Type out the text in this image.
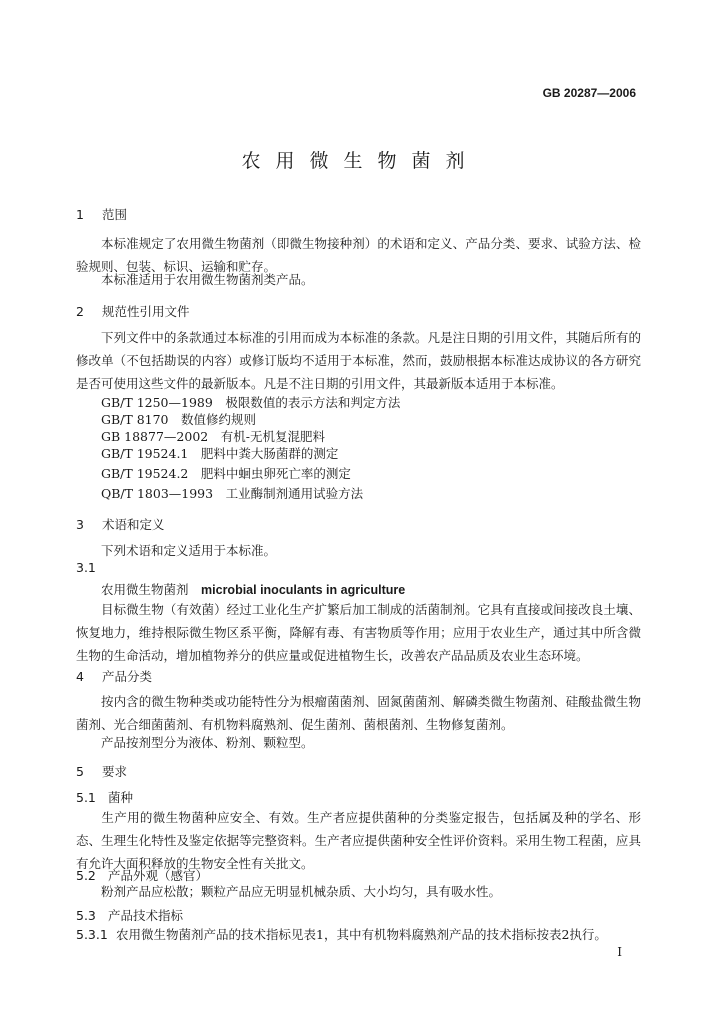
GB 20287—2006
农用微生物菌剂
1 范围
本标准规定了农用微生物菌剂（即微生物接种剂）的术语和定义、产品分类、要求、试验方法、检验规则、包装、标识、运输和贮存。
本标准适用于农用微生物菌剂类产品。
2 规范性引用文件
下列文件中的条款通过本标准的引用而成为本标准的条款。凡是注日期的引用文件，其随后所有的修改单（不包括勘误的内容）或修订版均不适用于本标准，然而，鼓励根据本标准达成协议的各方研究是否可使用这些文件的最新版本。凡是不注日期的引用文件，其最新版本适用于本标准。
GB/T 1250—1989　极限数值的表示方法和判定方法
GB/T 8170　数值修约规则
GB 18877—2002　有机-无机复混肥料
GB/T 19524.1　肥料中粪大肠菌群的测定
GB/T 19524.2　肥料中蛔虫卵死亡率的测定
QB/T 1803—1993　工业酶制剂通用试验方法
3 术语和定义
下列术语和定义适用于本标准。
3.1
农用微生物菌剂　 microbial inoculants in agriculture
目标微生物（有效菌）经过工业化生产扩繁后加工制成的活菌制剂。它具有直接或间接改良土壤、恢复地力，维持根际微生物区系平衡，降解有毒、有害物质等作用；应用于农业生产，通过其中所含微生物的生命活动，增加植物养分的供应量或促进植物生长，改善农产品品质及农业生态环境。
4 产品分类
按内含的微生物种类或功能特性分为根瘤菌菌剂、固氮菌菌剂、解磷类微生物菌剂、硅酸盐微生物菌剂、光合细菌菌剂、有机物料腐熟剂、促生菌剂、菌根菌剂、生物修复菌剂。
产品按剂型分为液体、粉剂、颗粒型。
5 要求
5.1 菌种
生产用的微生物菌种应安全、有效。生产者应提供菌种的分类鉴定报告，包括属及种的学名、形态、生理生化特性及鉴定依据等完整资料。生产者应提供菌种安全性评价资料。采用生物工程菌，应具有允许大面积释放的生物安全性有关批文。
5.2 产品外观（感官）
粉剂产品应松散；颗粒产品应无明显机械杂质、大小均匀，具有吸水性。
5.3 产品技术指标
5.3.1 农用微生物菌剂产品的技术指标见表1，其中有机物料腐熟剂产品的技术指标按表2执行。
I
